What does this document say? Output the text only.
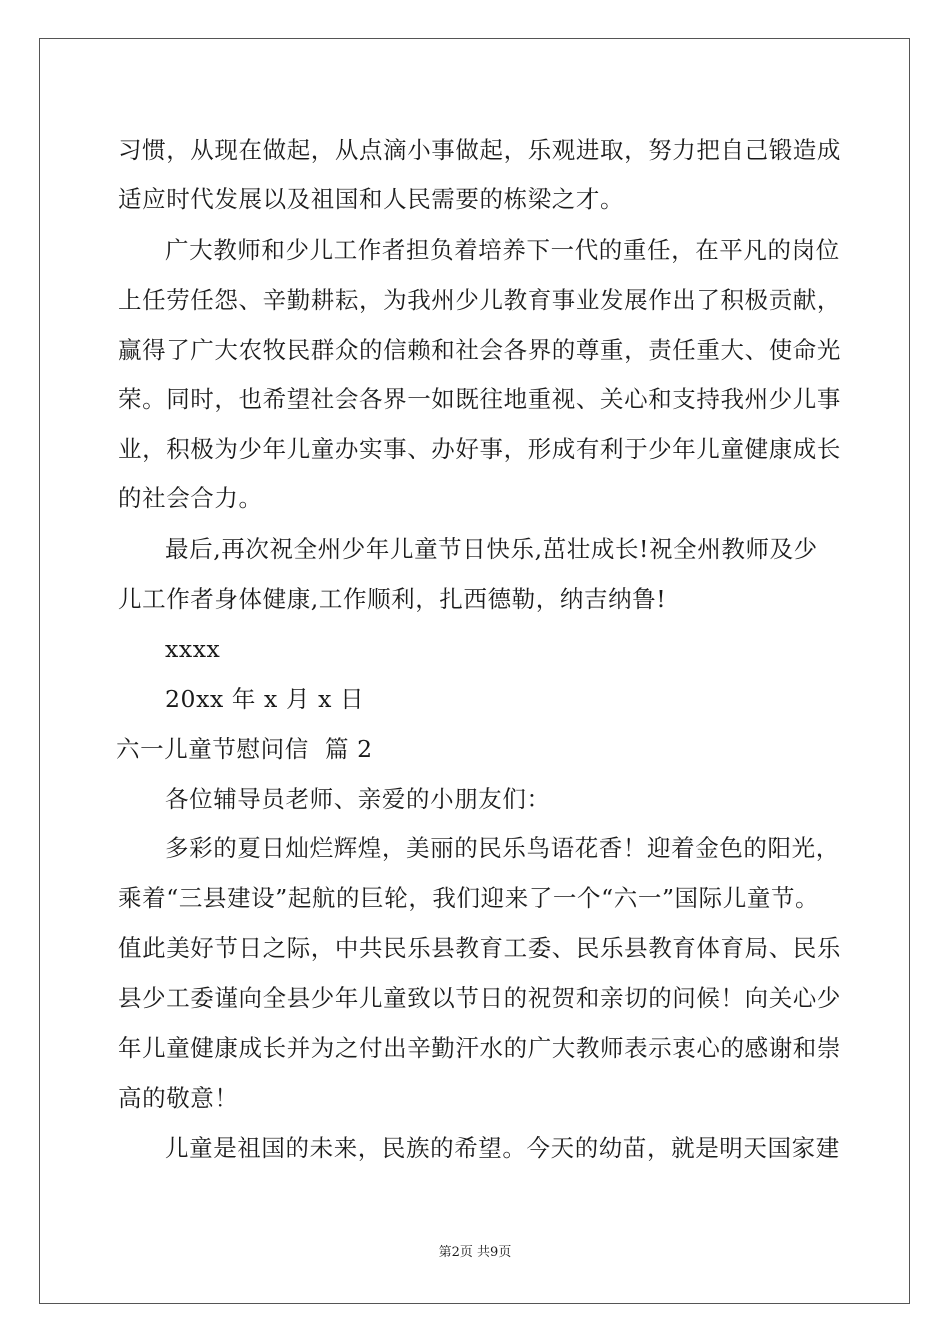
习惯，从现在做起，从点滴小事做起，乐观进取，努力把自己锻造成
适应时代发展以及祖国和人民需要的栋梁之才。
广大教师和少儿工作者担负着培养下一代的重任，在平凡的岗位
上任劳任怨、辛勤耕耘，为我州少儿教育事业发展作出了积极贡献，
赢得了广大农牧民群众的信赖和社会各界的尊重，责任重大、使命光
荣。同时，也希望社会各界一如既往地重视、关心和支持我州少儿事
业，积极为少年儿童办实事、办好事，形成有利于少年儿童健康成长
的社会合力。
最后,再次祝全州少年儿童节日快乐,茁壮成长!祝全州教师及少
儿工作者身体健康,工作顺利，扎西德勒，纳吉纳鲁!
xxxx
20xx 年 x 月 x 日
六一儿童节慰问信  篇 2
各位辅导员老师、亲爱的小朋友们：
多彩的夏日灿烂辉煌，美丽的民乐鸟语花香！迎着金色的阳光，
乘着“三县建设”起航的巨轮，我们迎来了一个“六一”国际儿童节。
值此美好节日之际，中共民乐县教育工委、民乐县教育体育局、民乐
县少工委谨向全县少年儿童致以节日的祝贺和亲切的问候！向关心少
年儿童健康成长并为之付出辛勤汗水的广大教师表示衷心的感谢和崇
高的敬意！
儿童是祖国的未来，民族的希望。今天的幼苗，就是明天国家建
第2页 共9页
